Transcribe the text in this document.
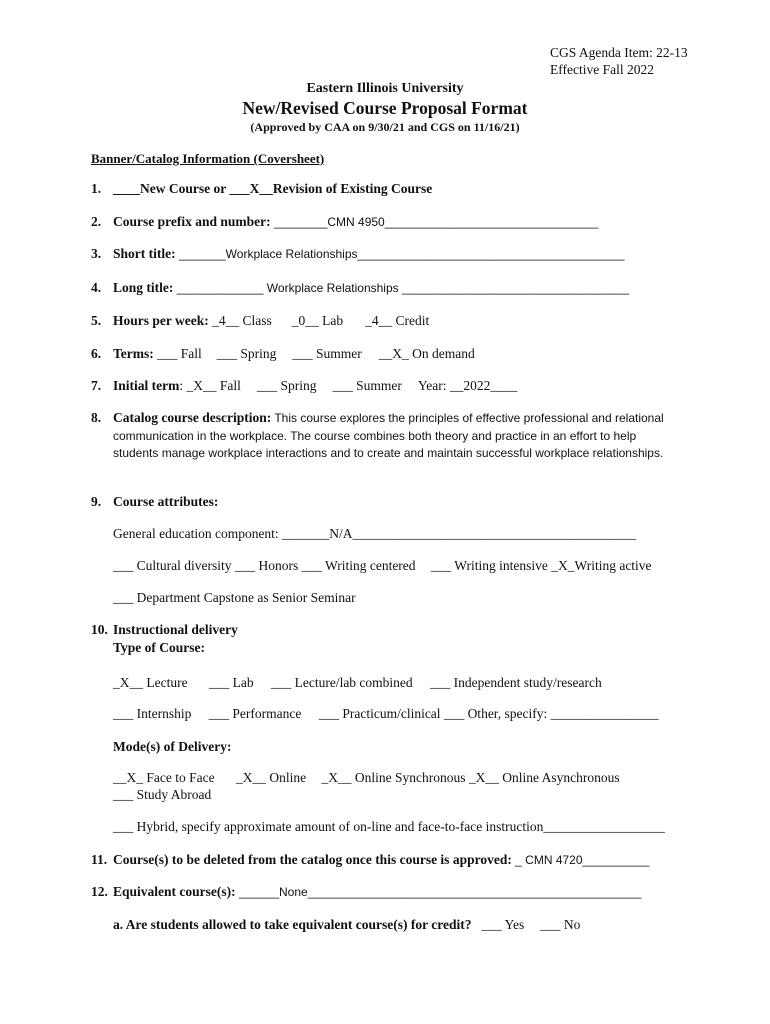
CGS Agenda Item: 22-13
Effective Fall 2022
Eastern Illinois University
New/Revised Course Proposal Format
(Approved by CAA on 9/30/21 and CGS on 11/16/21)
Banner/Catalog Information (Coversheet)
1. ____New Course or ___X__Revision of Existing Course
2. Course prefix and number: ________CMN 4950________________________________
3. Short title: _______Workplace Relationships________________________________________
4. Long title: _____________ Workplace Relationships __________________________________
5. Hours per week: _4__ Class _0__ Lab _4__ Credit
6. Terms: ___ Fall ___ Spring ___ Summer __X_ On demand
7. Initial term: _X__ Fall ___ Spring ___ Summer Year: __2022____
8. Catalog course description: This course explores the principles of effective professional and relational communication in the workplace. The course combines both theory and practice in an effort to help students manage workplace interactions and to create and maintain successful workplace relationships.
9. Course attributes:
General education component: _______N/A__________________________________________
___ Cultural diversity ___ Honors ___ Writing centered ___ Writing intensive _X_Writing active
___ Department Capstone as Senior Seminar
10. Instructional delivery
Type of Course:
_X__ Lecture ___ Lab ___ Lecture/lab combined ___ Independent study/research
___ Internship ___ Performance ___ Practicum/clinical ___ Other, specify: ________________
Mode(s) of Delivery:
__X_ Face to Face _X__ Online _X__ Online Synchronous _X__ Online Asynchronous
___ Study Abroad
___ Hybrid, specify approximate amount of on-line and face-to-face instruction__________________
11. Course(s) to be deleted from the catalog once this course is approved: _ CMN 4720__________
12. Equivalent course(s): ______None__________________________________________________
a. Are students allowed to take equivalent course(s) for credit? ___ Yes ___ No
